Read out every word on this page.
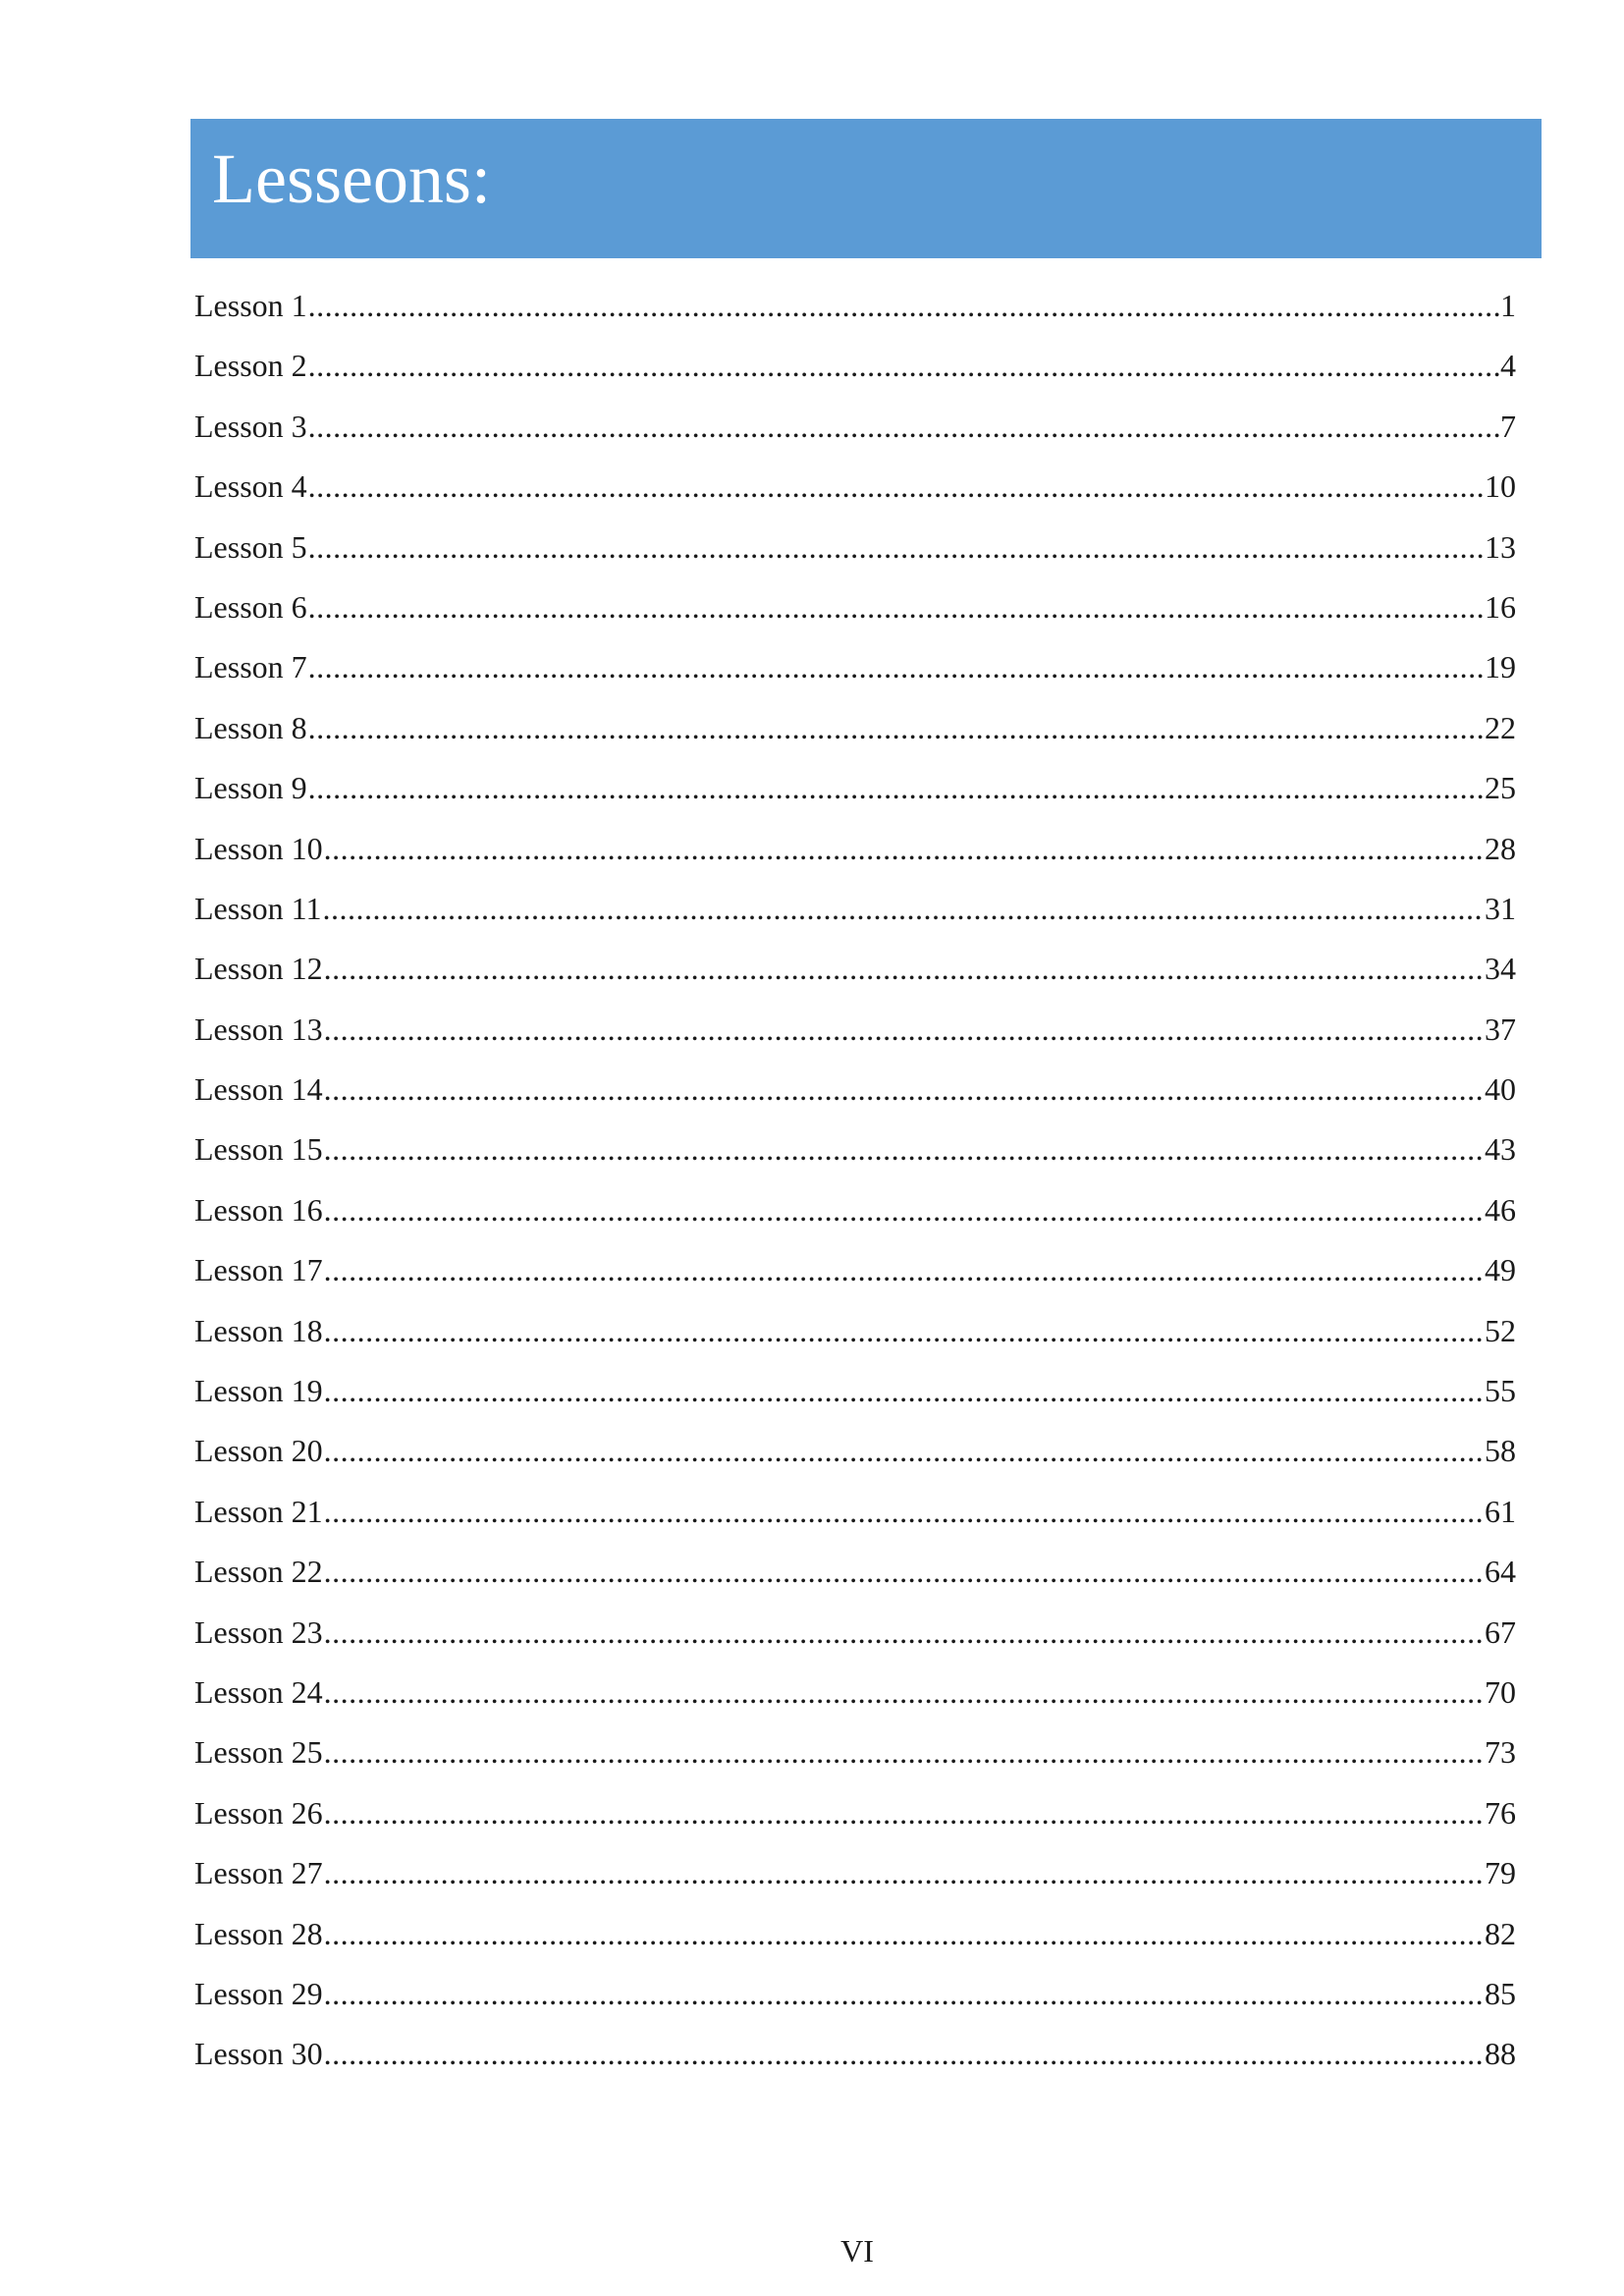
Lesseons:
Lesson 1 .....	1
Lesson 2 .....	4
Lesson 3 .....	7
Lesson 4 .....	10
Lesson 5 .....	13
Lesson 6 .....	16
Lesson 7 .....	19
Lesson 8 .....	22
Lesson 9 .....	25
Lesson 10 .....	28
Lesson 11 .....	31
Lesson 12 .....	34
Lesson 13 .....	37
Lesson 14 .....	40
Lesson 15 .....	43
Lesson 16 .....	46
Lesson 17 .....	49
Lesson 18 .....	52
Lesson 19 .....	55
Lesson 20 .....	58
Lesson 21 .....	61
Lesson 22 .....	64
Lesson 23 .....	67
Lesson 24 .....	70
Lesson 25 .....	73
Lesson 26 .....	76
Lesson 27 .....	79
Lesson 28 .....	82
Lesson 29 .....	85
Lesson 30 .....	88
VI
